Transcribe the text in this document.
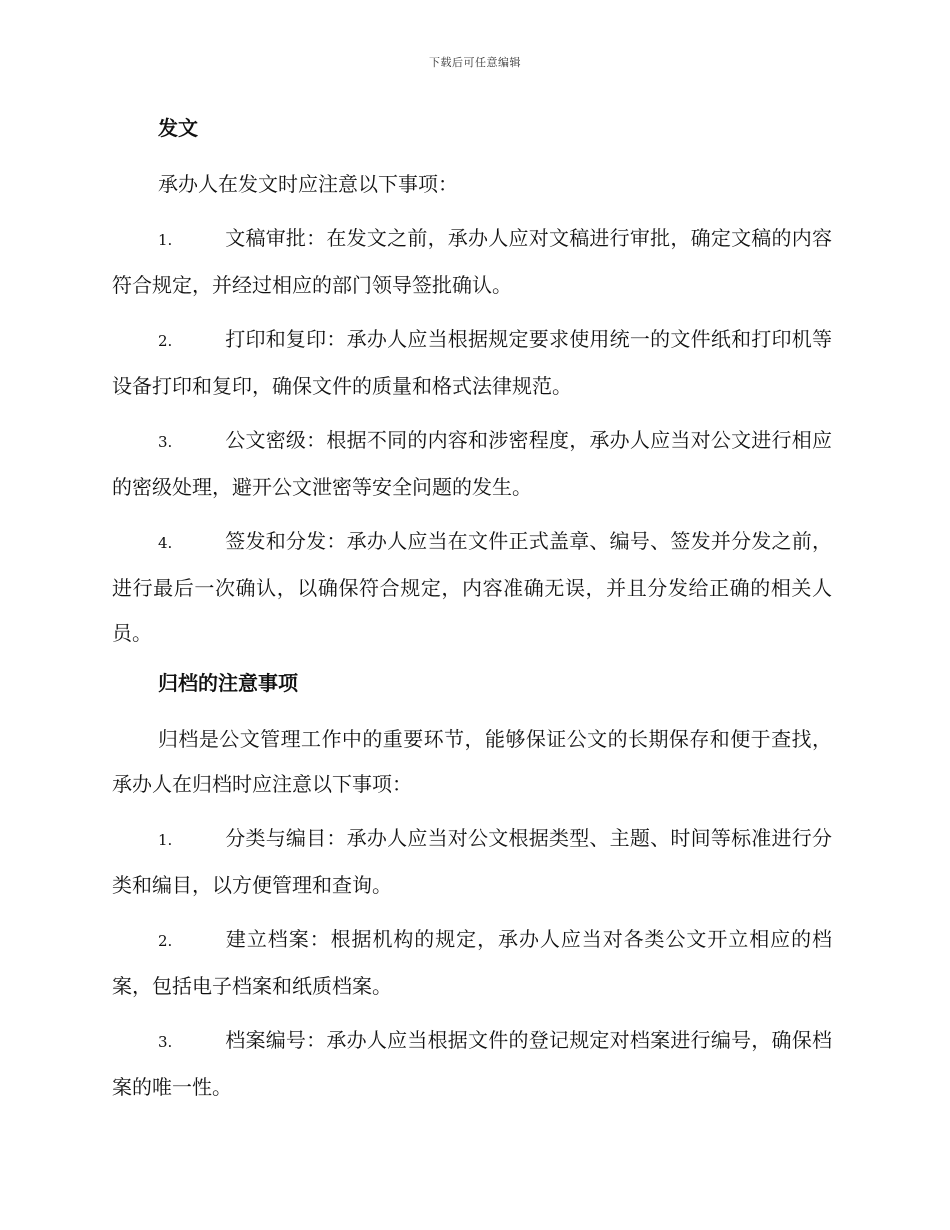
下载后可任意编辑
发文

承办人在发文时应注意以下事项：

1.	文稿审批：在发文之前，承办人应对文稿进行审批，确定文稿的内容符合规定，并经过相应的部门领导签批确认。

2.	打印和复印：承办人应当根据规定要求使用统一的文件纸和打印机等设备打印和复印，确保文件的质量和格式法律规范。

3.	公文密级：根据不同的内容和涉密程度，承办人应当对公文进行相应的密级处理，避开公文泄密等安全问题的发生。

4.	签发和分发：承办人应当在文件正式盖章、编号、签发并分发之前，进行最后一次确认，以确保符合规定，内容准确无误，并且分发给正确的相关人员。

归档的注意事项

归档是公文管理工作中的重要环节，能够保证公文的长期保存和便于查找，承办人在归档时应注意以下事项：

1.	分类与编目：承办人应当对公文根据类型、主题、时间等标准进行分类和编目，以方便管理和查询。

2.	建立档案：根据机构的规定，承办人应当对各类公文开立相应的档案，包括电子档案和纸质档案。

3.	档案编号：承办人应当根据文件的登记规定对档案进行编号，确保档案的唯一性。
